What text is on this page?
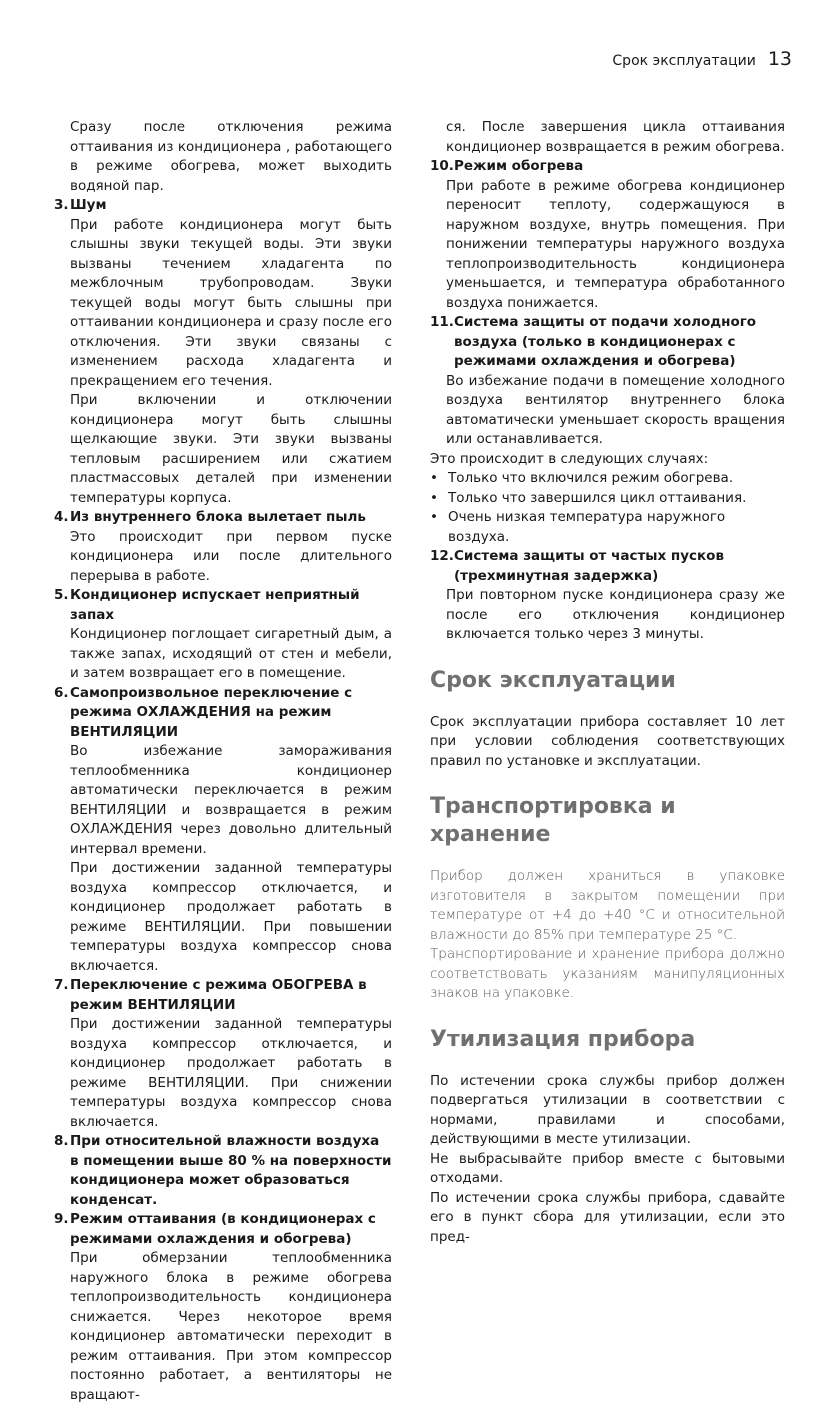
Срок эксплуатации 13

Сразу после отключения режима оттаивания из кондиционера , работающего в режиме обогрева, может выходить водяной пар.

3. Шум

При работе кондиционера могут быть слышны звуки текущей воды. Эти звуки вызваны течением хладагента по межблочным трубопроводам. Звуки текущей воды могут быть слышны при оттаивании кондиционера и сразу после его отключения. Эти звуки связаны с изменением расхода хладагента и прекращением его течения.

При включении и отключении кондиционера могут быть слышны щелкающие звуки. Эти звуки вызваны тепловым расширением или сжатием пластмассовых деталей при изменении температуры корпуса.

4. Из внутреннего блока вылетает пыль

Это происходит при первом пуске кондиционера или после длительного перерыва в работе.

5. Кондиционер испускает неприятный запах

Кондиционер поглощает сигаретный дым, а также запах, исходящий от стен и мебели, и затем возвращает его в помещение.

6. Самопроизвольное переключение с режима ОХЛАЖДЕНИЯ на режим ВЕНТИЛЯЦИИ

Во избежание замораживания теплообменника кондиционер автоматически переключается в режим ВЕНТИЛЯЦИИ и возвращается в режим ОХЛАЖДЕНИЯ через довольно длительный интервал времени.

При достижении заданной температуры воздуха компрессор отключается, и кондиционер продолжает работать в режиме ВЕНТИЛЯЦИИ. При повышении температуры воздуха компрессор снова включается.

7. Переключение с режима ОБОГРЕВА в режим ВЕНТИЛЯЦИИ

При достижении заданной температуры воздуха компрессор отключается, и кондиционер продолжает работать в режиме ВЕНТИЛЯЦИИ. При снижении температуры воздуха компрессор снова включается.

8. При относительной влажности воздуха в помещении выше 80 % на поверхности кондиционера может образоваться конденсат.
9. Режим оттаивания (в кондиционерах с режимами охлаждения и обогрева)

При обмерзании теплообменника наружного блока в режиме обогрева теплопроизводительность кондиционера снижается. Через некоторое время кондиционер автоматически переходит в режим оттаивания. При этом компрессор постоянно работает, а вентиляторы не вращают-

ся. После завершения цикла оттаивания кондиционер возвращается в режим обогрева.

10. Режим обогрева

При работе в режиме обогрева кондиционер переносит теплоту, содержащуюся в наружном воздухе, внутрь помещения. При понижении температуры наружного воздуха теплопроизводительность кондиционера уменьшается, и температура обработанного воздуха понижается.

11. Система защиты от подачи холодного воздуха (только в кондиционерах с режимами охлаждения и обогрева)

Во избежание подачи в помещение холодного воздуха вентилятор внутреннего блока автоматически уменьшает скорость вращения или останавливается.

Это происходит в следующих случаях:

• Только что включился режим обогрева.
• Только что завершился цикл оттаивания.
• Очень низкая температура наружного воздуха.
12. Система защиты от частых пусков (трехминутная задержка)

При повторном пуске кондиционера сразу же после его отключения кондиционер включается только через 3 минуты.

Срок эксплуатации

Срок эксплуатации прибора составляет 10 лет при условии соблюдения соответствующих правил по установке и эксплуатации.

Транспортировка и хранение

Прибор должен храниться в упаковке изготовителя в закрытом помещении при температуре от +4 до +40 °С и относительной влажности до 85% при температуре 25 °С.

Транспортирование и хранение прибора должно соответствовать указаниям манипуляционных знаков на упаковке.

Утилизация прибора

По истечении срока службы прибор должен подвергаться утилизации в соответствии с нормами, правилами и способами, действующими в месте утилизации.

Не выбрасывайте прибор вместе с бытовыми отходами.

По истечении срока службы прибора, сдавайте его в пункт сбора для утилизации, если это пред-
